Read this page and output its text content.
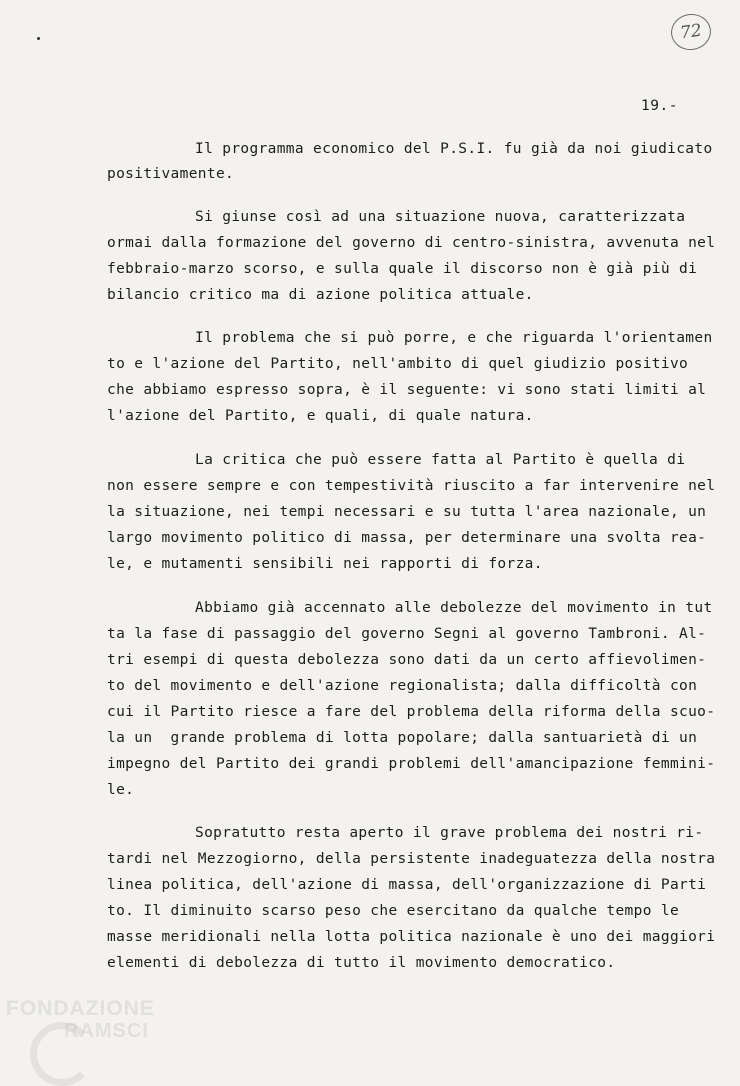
72
19.-
Il programma economico del P.S.I. fu già da noi giudicato
positivamente.
Si giunse così ad una situazione nuova, caratterizzata
ormai dalla formazione del governo di centro-sinistra, avvenuta nel
febbraio-marzo scorso, e sulla quale il discorso non è già più di
bilancio critico ma di azione politica attuale.
Il problema che si può porre, e che riguarda l'orientamen
to e l'azione del Partito, nell'ambito di quel giudizio positivo
che abbiamo espresso sopra, è il seguente: vi sono stati limiti al
l'azione del Partito, e quali, di quale natura.
La critica che può essere fatta al Partito è quella di
non essere sempre e con tempestività riuscito a far intervenire nel
la situazione, nei tempi necessari e su tutta l'area nazionale, un
largo movimento politico di massa, per determinare una svolta rea-
le, e mutamenti sensibili nei rapporti di forza.
Abbiamo già accennato alle debolezze del movimento in tut
ta la fase di passaggio del governo Segni al governo Tambroni. Al-
tri esempi di questa debolezza sono dati da un certo affievolimen-
to del movimento e dell'azione regionalista; dalla difficoltà con
cui il Partito riesce a fare del problema della riforma della scuo-
la un  grande problema di lotta popolare; dalla santuarietà di un
impegno del Partito dei grandi problemi dell'amancipazione femmini-
le.
Sopratutto resta aperto il grave problema dei nostri ri-
tardi nel Mezzogiorno, della persistente inadeguatezza della nostra
linea politica, dell'azione di massa, dell'organizzazione di Parti
to. Il diminuito scarso peso che esercitano da qualche tempo le
masse meridionali nella lotta politica nazionale è uno dei maggiori
elementi di debolezza di tutto il movimento democratico.
FONDAZIONE
RAMSCI
